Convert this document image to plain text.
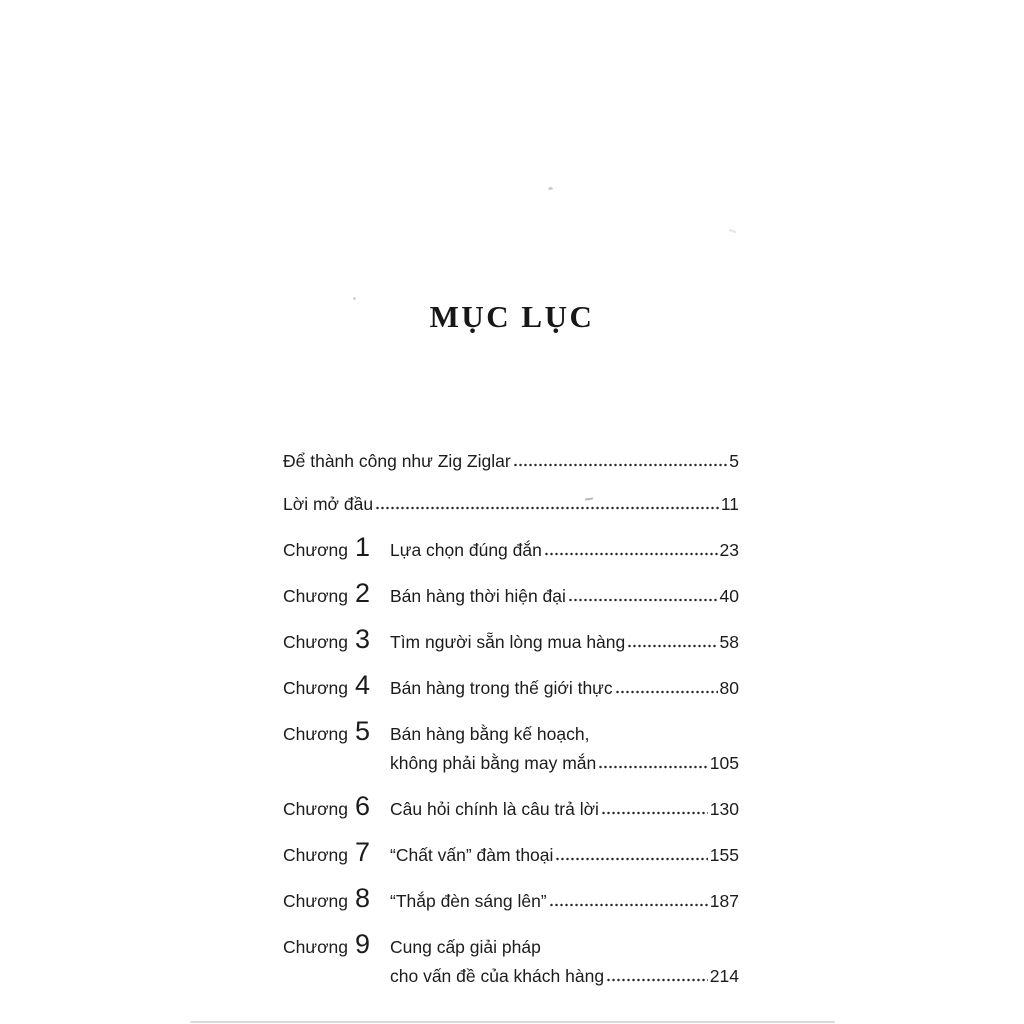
MỤC LỤC
Để thành công như Zig Ziglar	5
Lời mở đầu	11
Chương 1	Lựa chọn đúng đắn	23
Chương 2	Bán hàng thời hiện đại	40
Chương 3	Tìm người sẵn lòng mua hàng	58
Chương 4	Bán hàng trong thế giới thực	80
Chương 5	Bán hàng bằng kế hoạch,
không phải bằng may mắn	105
Chương 6	Câu hỏi chính là câu trả lời	130
Chương 7	“Chất vấn” đàm thoại	155
Chương 8	“Thắp đèn sáng lên”	187
Chương 9	Cung cấp giải pháp
cho vấn đề của khách hàng	214
